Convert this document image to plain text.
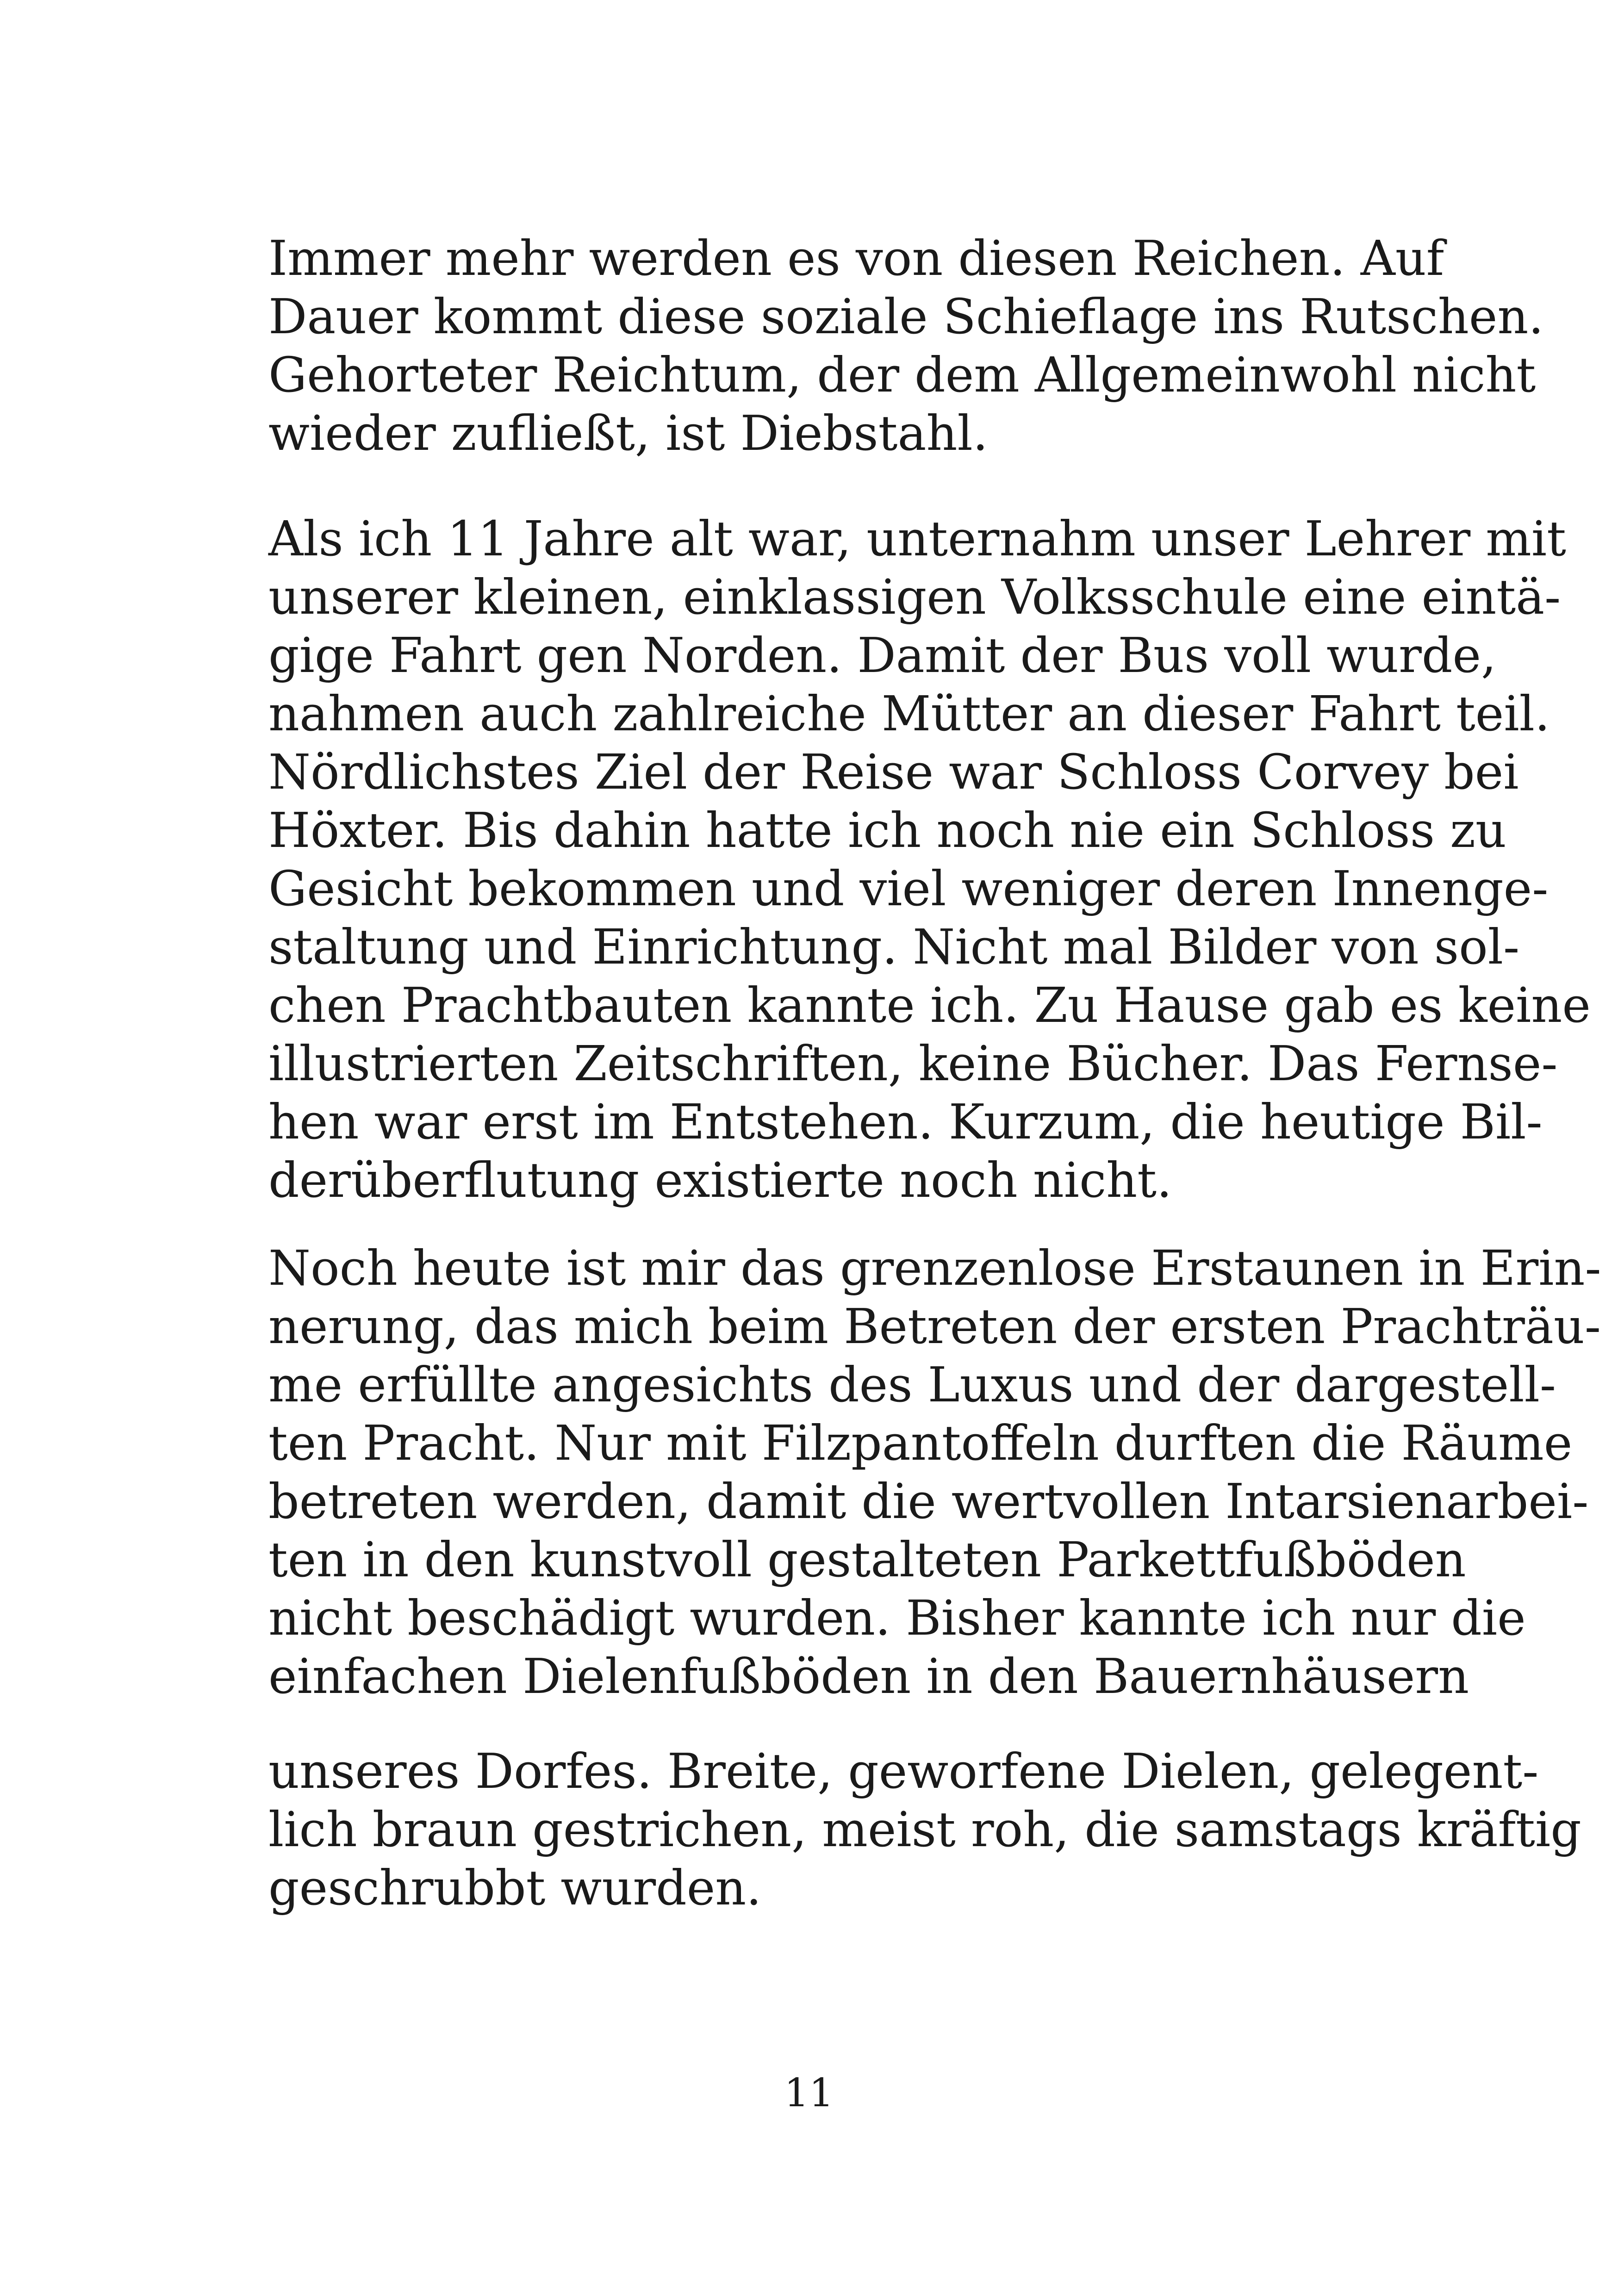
Immer mehr werden es von diesen Reichen. Auf
Dauer kommt diese soziale Schieflage ins Rutschen.
Gehorteter Reichtum, der dem Allgemeinwohl nicht
wieder zufließt, ist Diebstahl.
Als ich 11 Jahre alt war, unternahm unser Lehrer mit
unserer kleinen, einklassigen Volksschule eine eintä-
gige Fahrt gen Norden. Damit der Bus voll wurde,
nahmen auch zahlreiche Mütter an dieser Fahrt teil.
Nördlichstes Ziel der Reise war Schloss Corvey bei
Höxter. Bis dahin hatte ich noch nie ein Schloss zu
Gesicht bekommen und viel weniger deren Innenge-
staltung und Einrichtung. Nicht mal Bilder von sol-
chen Prachtbauten kannte ich. Zu Hause gab es keine
illustrierten Zeitschriften, keine Bücher. Das Fernse-
hen war erst im Entstehen. Kurzum, die heutige Bil-
derüberflutung existierte noch nicht.
Noch heute ist mir das grenzenlose Erstaunen in Erin-
nerung, das mich beim Betreten der ersten Prachträu-
me erfüllte angesichts des Luxus und der dargestell-
ten Pracht. Nur mit Filzpantoffeln durften die Räume
betreten werden, damit die wertvollen Intarsienarbei-
ten in den kunstvoll gestalteten Parkettfußböden
nicht beschädigt wurden. Bisher kannte ich nur die
einfachen Dielenfußböden in den Bauernhäusern
unseres Dorfes. Breite, geworfene Dielen, gelegent-
lich braun gestrichen, meist roh, die samstags kräftig
geschrubbt wurden.
11
